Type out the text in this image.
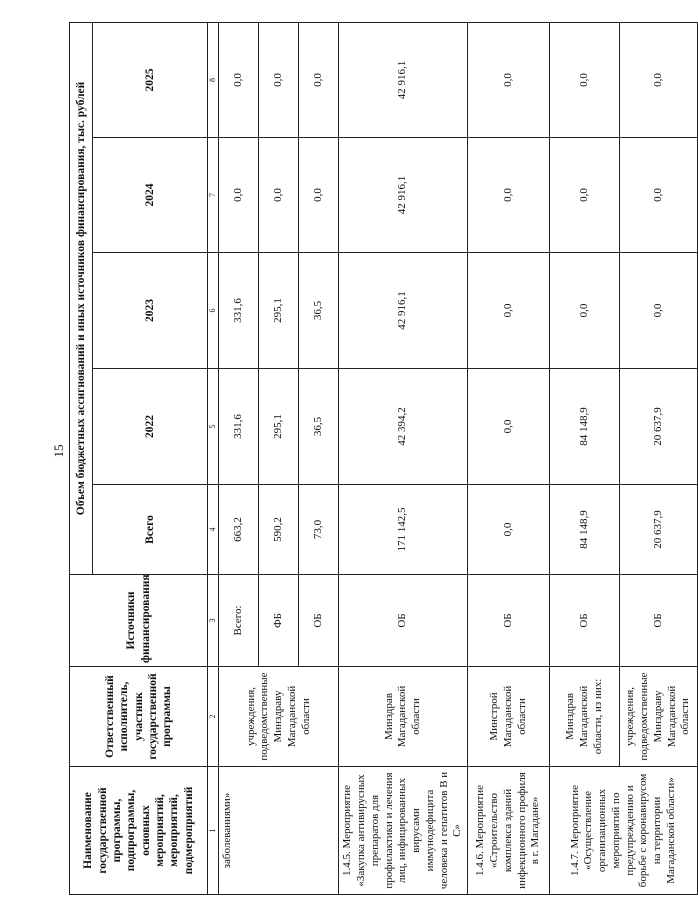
15
Наименование государственной программы, подпрограммы, основных мероприятий, мероприятий, подмероприятий	Ответственный исполнитель, участник государственной программы	Источники финансирования	Объем бюджетных ассигнований и иных источников финансирования, тыс. рублей				
			Всего	2022	2023	2024	2025
1	2	3	4	5	6	7	8
заболеваниями»	учреждения, подведомственные Минздраву Магаданской области	Всего:	663,2	331,6	331,6	0,0	0,0
		ФБ	590,2	295,1	295,1	0,0	0,0
		ОБ	73,0	36,5	36,5	0,0	0,0
1.4.5. Мероприятие «Закупка антивирусных препаратов для профилактики и лечения лиц, инфицированных вирусами иммунодефицита человека и гепатитов В и С»	Минздрав Магаданской области	ОБ	171 142,5	42 394,2	42 916,1	42 916,1	42 916,1
1.4.6. Мероприятие «Строительство комплекса зданий инфекционного профиля в г. Магадане»	Минстрой Магаданской области	ОБ	0,0	0,0	0,0	0,0	0,0
1.4.7. Мероприятие «Осуществление организационных мероприятий по предупреждению и борьбе с коронавирусом на территории Магаданской области»	Минздрав Магаданской области, из них:	ОБ	84 148,9	84 148,9	0,0	0,0	0,0
	учреждения, подведомственные Минздраву Магаданской области	ОБ	20 637,9	20 637,9	0,0	0,0	0,0
